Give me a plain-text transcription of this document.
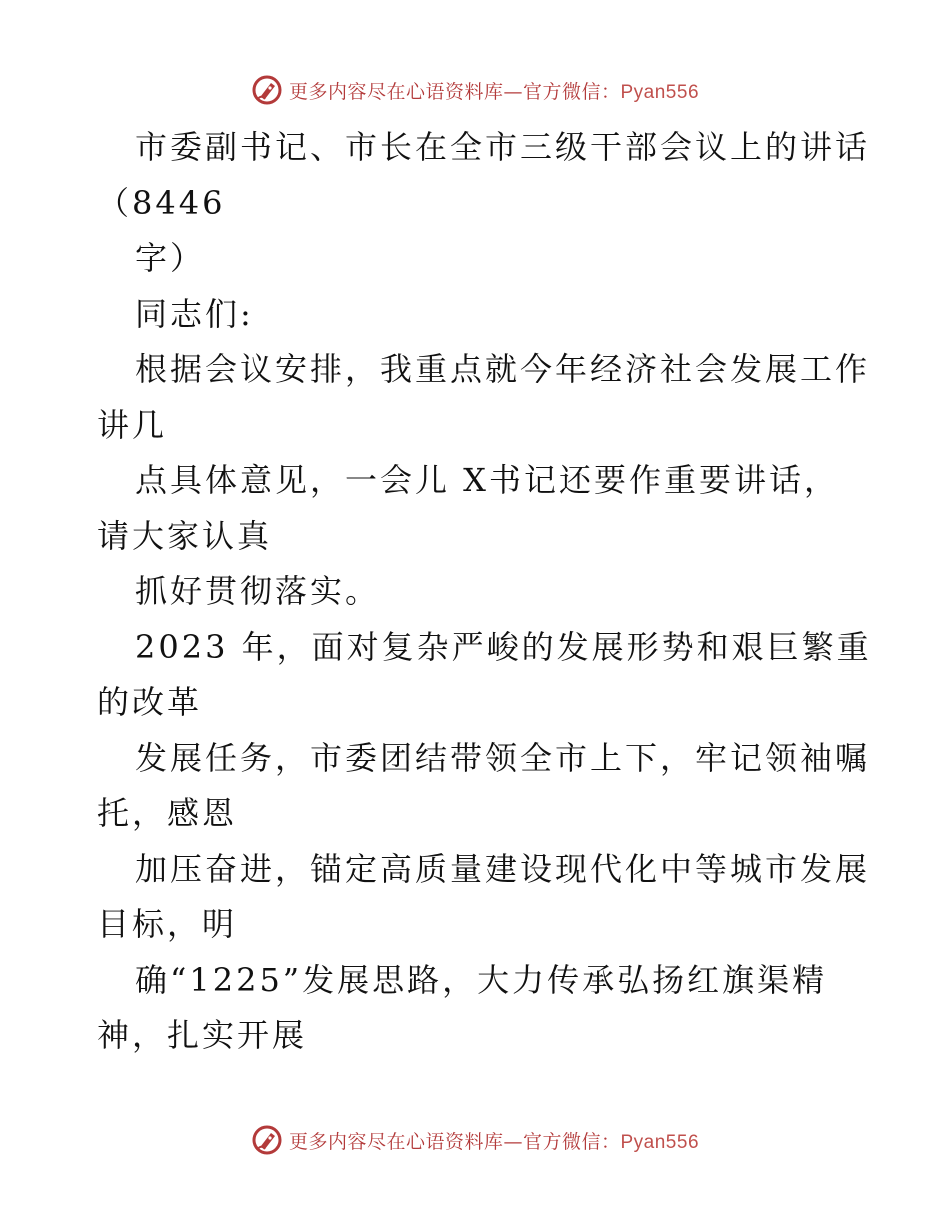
更多内容尽在心语资料库—官方微信：Pyan556
市委副书记、市长在全市三级干部会议上的讲话
（8446
字）
同志们:
根据会议安排，我重点就今年经济社会发展工作
讲几
点具体意见，一会儿 X书记还要作重要讲话，
请大家认真
抓好贯彻落实。
2023 年，面对复杂严峻的发展形势和艰巨繁重
的改革
发展任务，市委团结带领全市上下，牢记领袖嘱
托，感恩
加压奋进，锚定高质量建设现代化中等城市发展
目标，明
确“1225”发展思路，大力传承弘扬红旗渠精
神，扎实开展
更多内容尽在心语资料库—官方微信：Pyan556
